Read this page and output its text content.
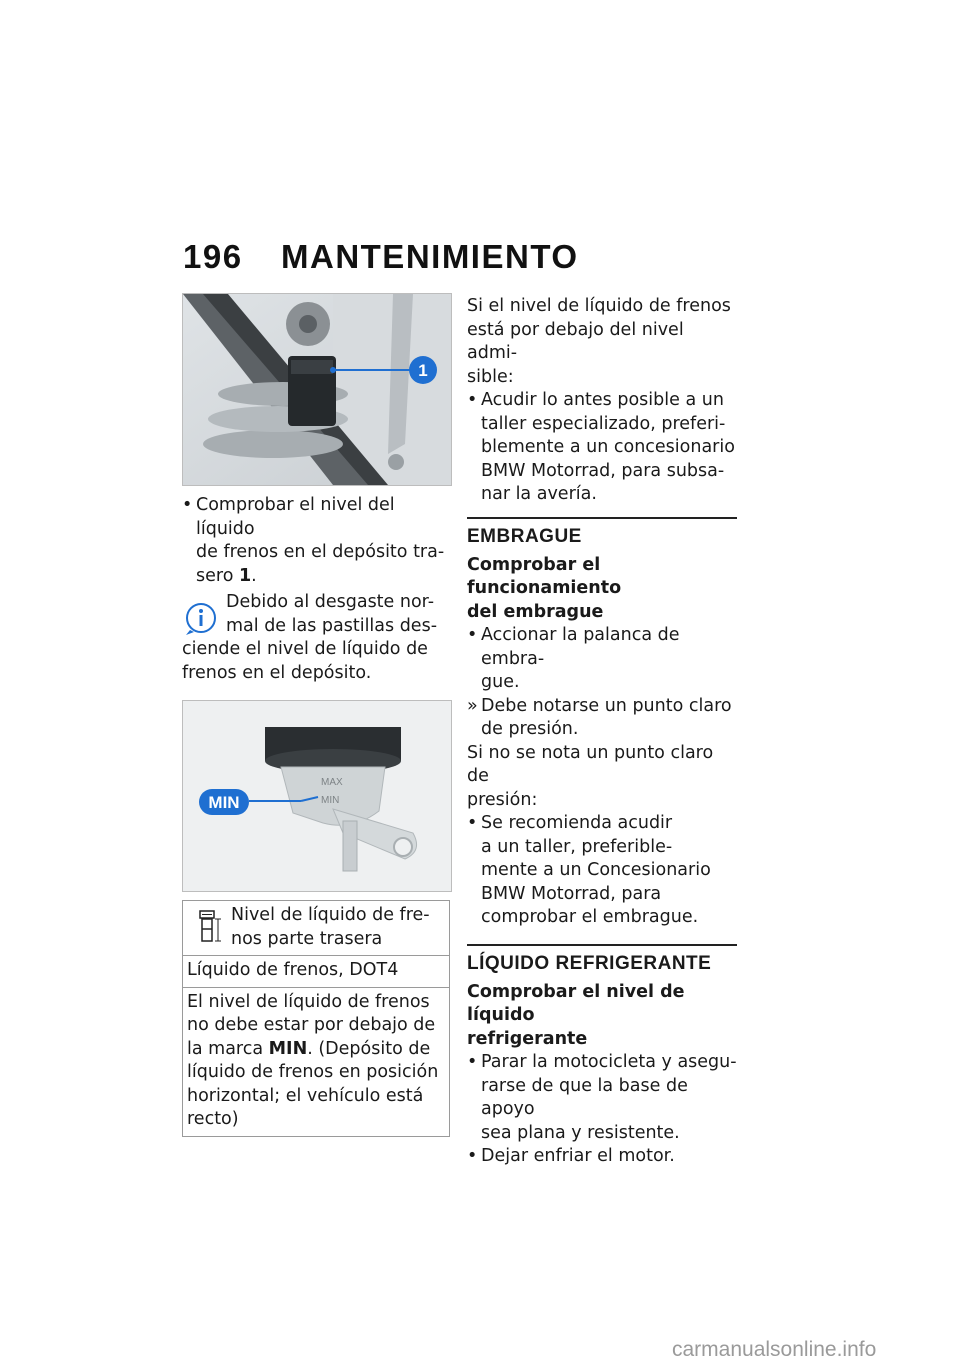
196 MANTENIMIENTO
1
• Comprobar el nivel del líquido
de frenos en el depósito tra-
sero 1.
Debido al desgaste nor-
mal de las pastillas des-
ciende el nivel de líquido de
frenos en el depósito.
MAX
MIN
MIN
Nivel de líquido de fre-
nos parte trasera
Líquido de frenos, DOT4
El nivel de líquido de frenos
no debe estar por debajo de
la marca MIN. (Depósito de
líquido de frenos en posición
horizontal; el vehículo está
recto)
Si el nivel de líquido de frenos
está por debajo del nivel admi-
sible:
• Acudir lo antes posible a un
taller especializado, preferi-
blemente a un concesionario
BMW Motorrad, para subsa-
nar la avería.
EMBRAGUE
Comprobar el funcionamiento
del embrague
• Accionar la palanca de embra-
gue.
» Debe notarse un punto claro
de presión.
Si no se nota un punto claro de
presión:
• Se recomienda acudir
a un taller, preferible-
mente a un Concesionario
BMW Motorrad, para
comprobar el embrague.
LÍQUIDO REFRIGERANTE
Comprobar el nivel de líquido
refrigerante
• Parar la motocicleta y asegu-
rarse de que la base de apoyo
sea plana y resistente.
• Dejar enfriar el motor.
carmanualsonline.info
